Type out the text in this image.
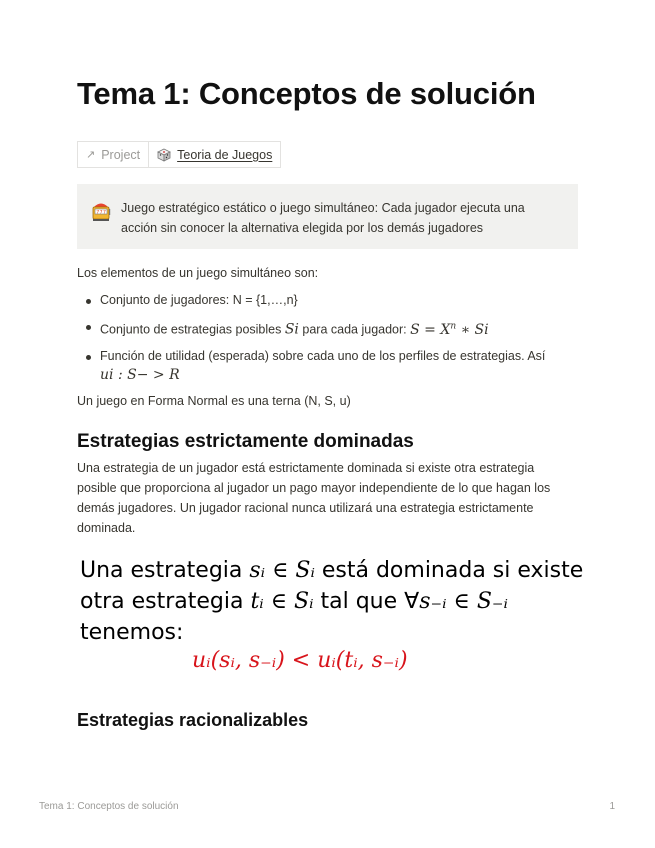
Tema 1: Conceptos de solución
↗ Project	Teoria de Juegos
7 7 7 Juego estratégico estático o juego simultáneo: Cada jugador ejecuta una acción sin conocer la alternativa elegida por los demás jugadores

Los elementos de un juego simultáneo son:

Conjunto de jugadores: N = {1,…,n}
Conjunto de estrategias posibles Si para cada jugador: $S = X^n$ ∗ Si
Función de utilidad (esperada) sobre cada uno de los perfiles de estrategias. Así
ui : S− > R

Un juego en Forma Normal es una terna (N, S, u)

Estrategias estrictamente dominadas

Una estrategia de un jugador está estrictamente dominada si existe otra estrategia posible que proporciona al jugador un pago mayor independiente de lo que hagan los demás jugadores. Un jugador racional nunca utilizará una estrategia estrictamente dominada.

Una estrategia sᵢ ∈ Sᵢ está dominada si existe
otra estrategia tᵢ ∈ Sᵢ tal que ∀s₋ᵢ ∈ S₋ᵢ
tenemos:
uᵢ(sᵢ, s₋ᵢ) < uᵢ(tᵢ, s₋ᵢ)
Estrategias racionalizables
Tema 1: Conceptos de solución	1
